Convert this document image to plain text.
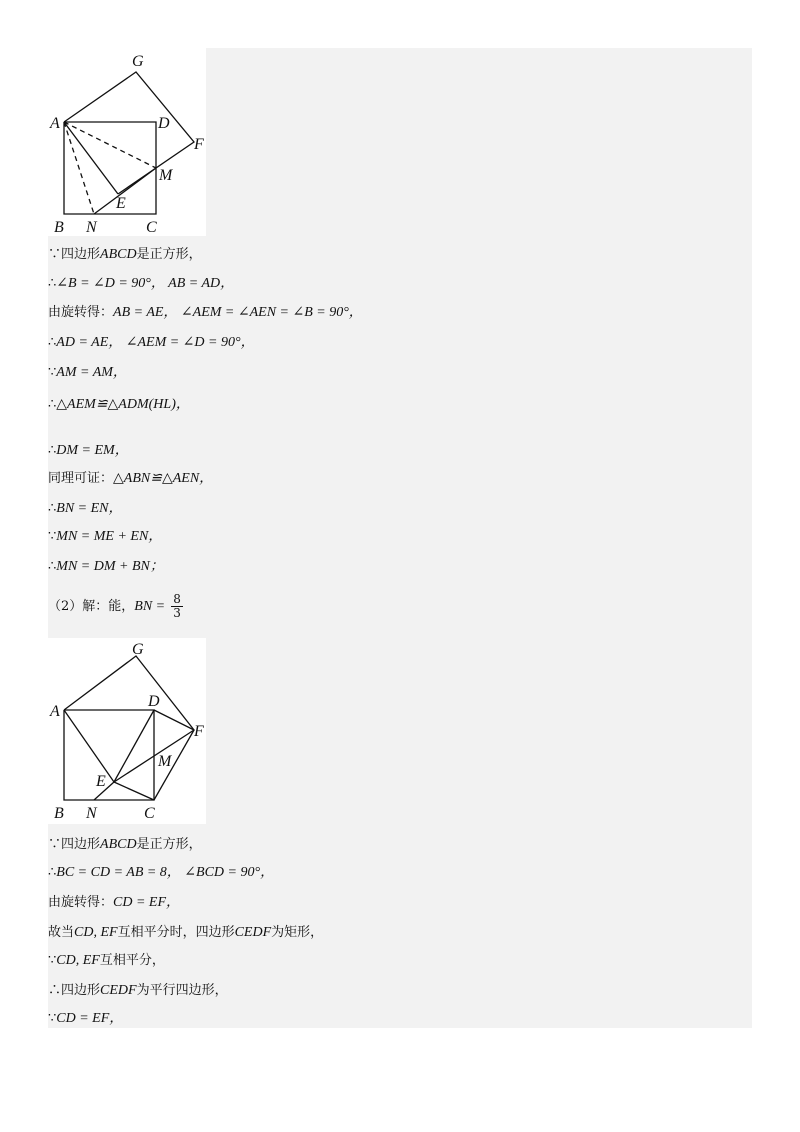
G
A	D
F
M
E
B N	C
∵四边形ABCD是正方形，
∴∠B = ∠D = 90°， AB = AD，
由旋转得：AB = AE， ∠AEM = ∠AEN = ∠B = 90°，
∴AD = AE， ∠AEM = ∠D = 90°，
∵AM = AM，
∴△AEM≌△ADM(HL)，
∴DM = EM，
同理可证：△ABN≌△AEN，
∴BN = EN，
∵MN = ME + EN，
∴MN = DM + BN；
（2）解：能，BN = $\frac{8}{3}$
G
A
D
F
M
E
B N	C
∵四边形ABCD是正方形，
∴BC = CD = AB = 8， ∠BCD = 90°，
由旋转得：CD = EF，
故当CD, EF互相平分时，四边形CEDF为矩形，
∵CD, EF互相平分，
∴四边形CEDF为平行四边形，
∵CD = EF，
